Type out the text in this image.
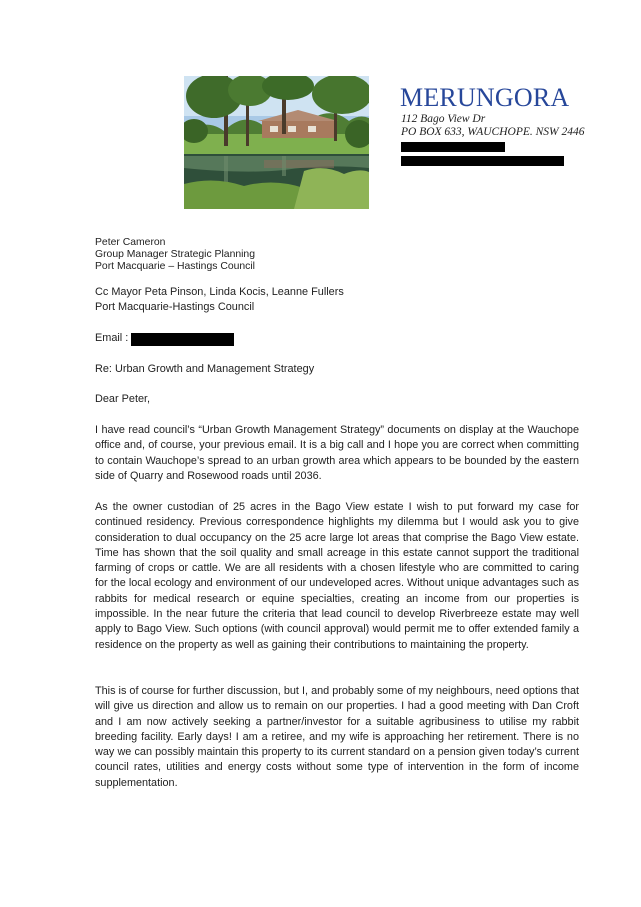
MERUNGORA
112 Bago View Dr
PO BOX 633, WAUCHOPE. NSW 2446
Peter Cameron
Group Manager Strategic Planning
Port Macquarie – Hastings Council
Cc Mayor Peta Pinson, Linda Kocis, Leanne Fullers
Port Macquarie-Hastings Council
Email :
Re: Urban Growth and Management Strategy
Dear Peter,
I have read council’s “Urban Growth Management Strategy” documents on display at the Wauchope office and, of course, your previous email. It is a big call and I hope you are correct when committing to contain Wauchope’s spread to an urban growth area which appears to be bounded by the eastern side of Quarry and Rosewood roads until 2036.
As the owner custodian of 25 acres in the Bago View estate I wish to put forward my case for continued residency. Previous correspondence highlights my dilemma but I would ask you to give consideration to dual occupancy on the 25 acre large lot areas that comprise the Bago View estate. Time has shown that the soil quality and small acreage in this estate cannot support the traditional farming of crops or cattle. We are all residents with a chosen lifestyle who are committed to caring for the local ecology and environment of our undeveloped acres. Without unique advantages such as rabbits for medical research or equine specialties, creating an income from our properties is impossible. In the near future the criteria that lead council to develop Riverbreeze estate may well apply to Bago View. Such options (with council approval) would permit me to offer extended family a residence on the property as well as gaining their contributions to maintaining the property.
This is of course for further discussion, but I, and probably some of my neighbours, need options that will give us direction and allow us to remain on our properties. I had a good meeting with Dan Croft and I am now actively seeking a partner/investor for a suitable agribusiness to utilise my rabbit breeding facility. Early days! I am a retiree, and my wife is approaching her retirement. There is no way we can possibly maintain this property to its current standard on a pension given today’s current council rates, utilities and energy costs without some type of intervention in the form of income supplementation.
